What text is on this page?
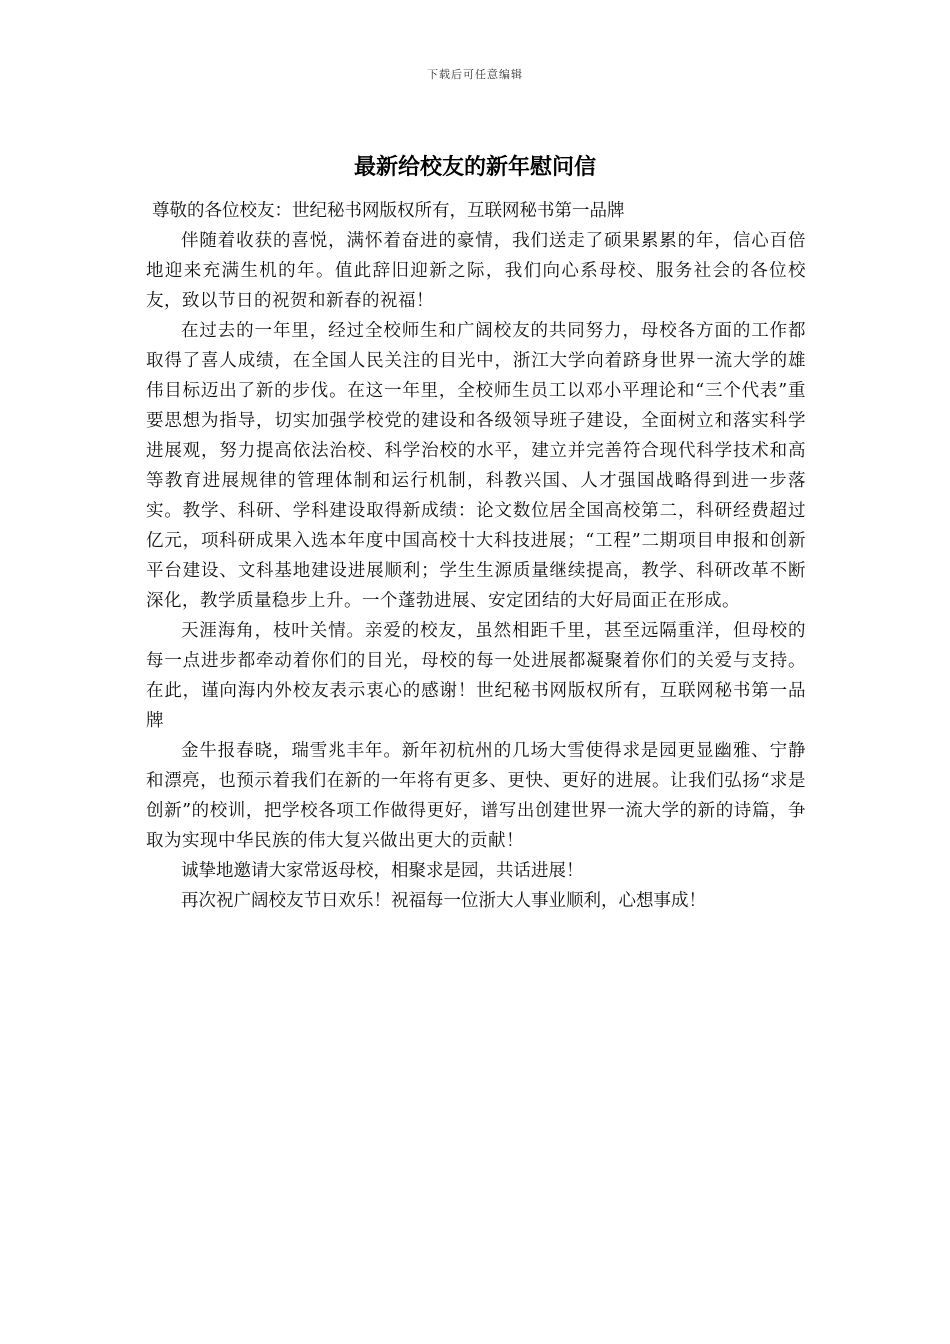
下载后可任意编辑
最新给校友的新年慰问信

尊敬的各位校友：世纪秘书网版权所有，互联网秘书第一品牌

伴随着收获的喜悦，满怀着奋进的豪情，我们送走了硕果累累的年，信心百倍地迎来充满生机的年。值此辞旧迎新之际，我们向心系母校、服务社会的各位校友，致以节日的祝贺和新春的祝福！

在过去的一年里，经过全校师生和广阔校友的共同努力，母校各方面的工作都取得了喜人成绩，在全国人民关注的目光中，浙江大学向着跻身世界一流大学的雄伟目标迈出了新的步伐。在这一年里，全校师生员工以邓小平理论和“三个代表”重要思想为指导，切实加强学校党的建设和各级领导班子建设，全面树立和落实科学进展观，努力提高依法治校、科学治校的水平，建立并完善符合现代科学技术和高等教育进展规律的管理体制和运行机制，科教兴国、人才强国战略得到进一步落实。教学、科研、学科建设取得新成绩：论文数位居全国高校第二，科研经费超过亿元，项科研成果入选本年度中国高校十大科技进展；“工程”二期项目申报和创新平台建设、文科基地建设进展顺利；学生生源质量继续提高，教学、科研改革不断深化，教学质量稳步上升。一个蓬勃进展、安定团结的大好局面正在形成。

天涯海角，枝叶关情。亲爱的校友，虽然相距千里，甚至远隔重洋，但母校的每一点进步都牵动着你们的目光，母校的每一处进展都凝聚着你们的关爱与支持。在此，谨向海内外校友表示衷心的感谢！世纪秘书网版权所有，互联网秘书第一品牌

金牛报春晓，瑞雪兆丰年。新年初杭州的几场大雪使得求是园更显幽雅、宁静和漂亮，也预示着我们在新的一年将有更多、更快、更好的进展。让我们弘扬“求是创新”的校训，把学校各项工作做得更好，谱写出创建世界一流大学的新的诗篇，争取为实现中华民族的伟大复兴做出更大的贡献！

诚挚地邀请大家常返母校，相聚求是园，共话进展！

再次祝广阔校友节日欢乐！祝福每一位浙大人事业顺利，心想事成！
